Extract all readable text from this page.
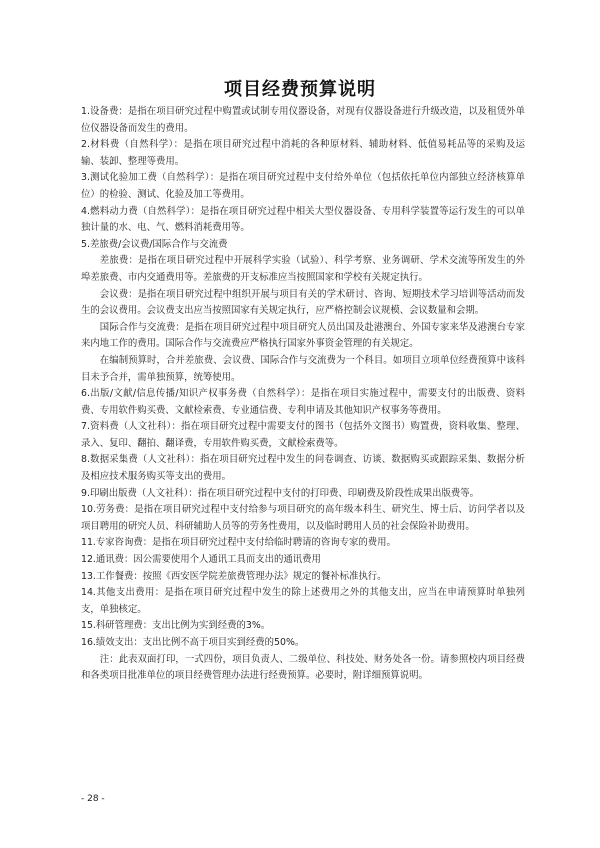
项目经费预算说明

1.设备费：是指在项目研究过程中购置或试制专用仪器设备，对现有仪器设备进行升级改造，以及租赁外单位仪器设备而发生的费用。

2.材料费（自然科学）：是指在项目研究过程中消耗的各种原材料、辅助材料、低值易耗品等的采购及运输、装卸、整理等费用。

3.测试化验加工费（自然科学）：是指在项目研究过程中支付给外单位（包括依托单位内部独立经济核算单位）的检验、测试、化验及加工等费用。

4.燃料动力费（自然科学）：是指在项目研究过程中相关大型仪器设备、专用科学装置等运行发生的可以单独计量的水、电、气、燃料消耗费用等。

5.差旅费/会议费/国际合作与交流费

差旅费：是指在项目研究过程中开展科学实验（试验）、科学考察、业务调研、学术交流等所发生的外埠差旅费、市内交通费用等。差旅费的开支标准应当按照国家和学校有关规定执行。

会议费：是指在项目研究过程中组织开展与项目有关的学术研讨、咨询、短期技术学习培训等活动而发生的会议费用。会议费支出应当按照国家有关规定执行，应严格控制会议规模、会议数量和会期。

国际合作与交流费：是指在项目研究过程中项目研究人员出国及赴港澳台、外国专家来华及港澳台专家来内地工作的费用。国际合作与交流费应严格执行国家外事资金管理的有关规定。

在编制预算时，合并差旅费、会议费、国际合作与交流费为一个科目。如项目立项单位经费预算中该科目未予合并，需单独预算，统筹使用。

6.出版/文献/信息传播/知识产权事务费（自然科学）：是指在项目实施过程中，需要支付的出版费、资料费、专用软件购买费、文献检索费、专业通信费、专利申请及其他知识产权事务等费用。

7.资料费（人文社科）：指在项目研究过程中需要支付的图书（包括外文图书）购置费，资料收集、整理、录入、复印、翻拍、翻译费，专用软件购买费，文献检索费等。

8.数据采集费（人文社科）：指在项目研究过程中发生的问卷调查、访谈、数据购买或跟踪采集、数据分析及相应技术服务购买等支出的费用。

9.印刷出版费（人文社科）：指在项目研究过程中支付的打印费、印刷费及阶段性成果出版费等。

10.劳务费：是指在项目研究过程中支付给参与项目研究的高年级本科生、研究生、博士后、访问学者以及项目聘用的研究人员、科研辅助人员等的劳务性费用，以及临时聘用人员的社会保险补助费用。

11.专家咨询费：是指在项目研究过程中支付给临时聘请的咨询专家的费用。

12.通讯费：因公需要使用个人通讯工具而支出的通讯费用

13.工作餐费：按照《西安医学院差旅费管理办法》规定的餐补标准执行。

14.其他支出费用：是指在项目研究过程中发生的除上述费用之外的其他支出，应当在申请预算时单独列支，单独核定。

15.科研管理费：支出比例为实到经费的3%。

16.绩效支出：支出比例不高于项目实到经费的50%。

注：此表双面打印，一式四份，项目负责人、二级单位、科技处、财务处各一份。请参照校内项目经费和各类项目批准单位的项目经费管理办法进行经费预算。必要时，附详细预算说明。

- 28 -
